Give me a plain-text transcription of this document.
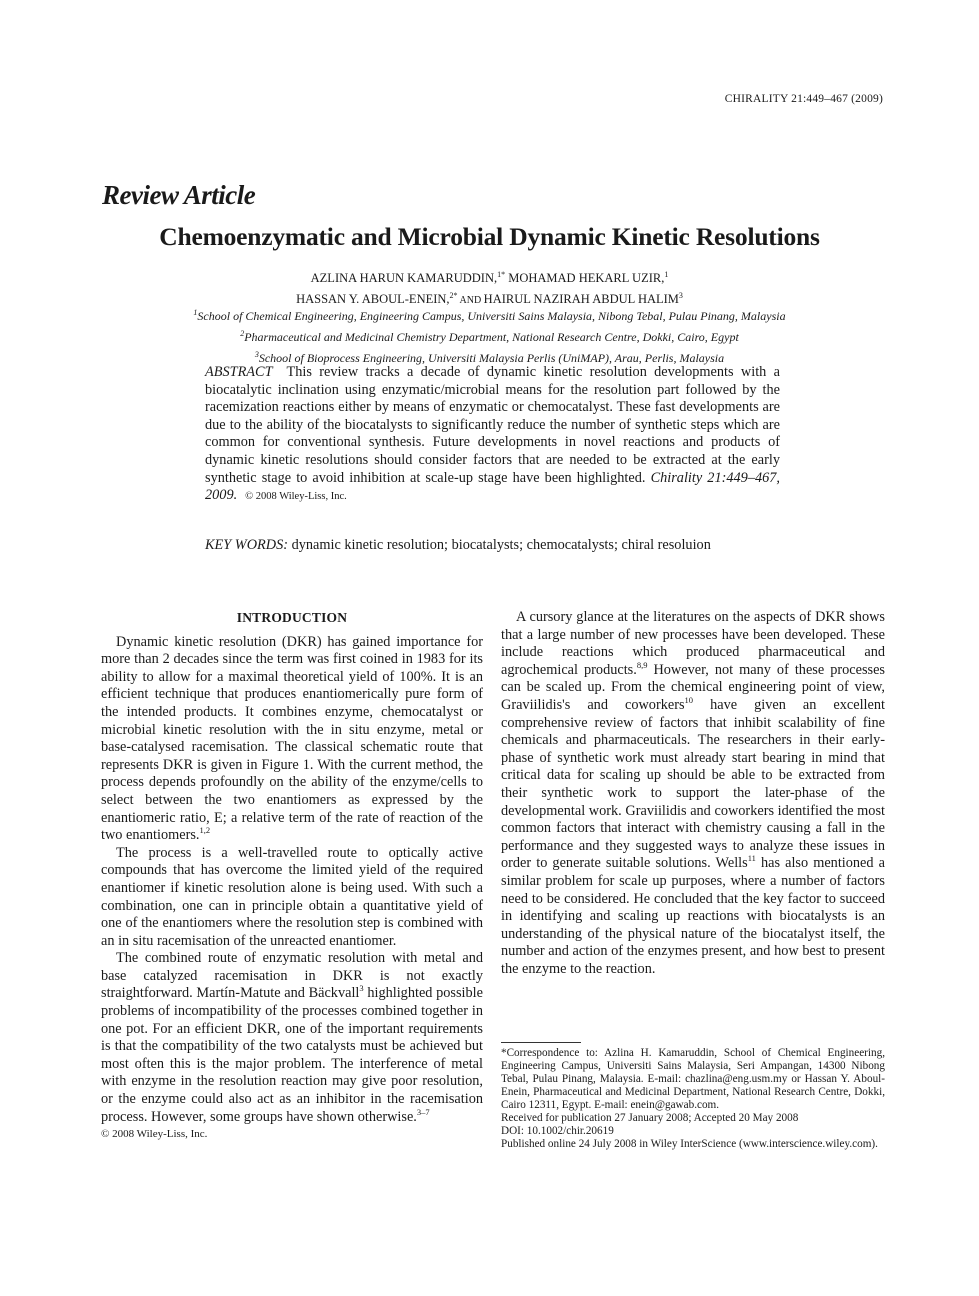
CHIRALITY 21:449–467 (2009)
Review Article
Chemoenzymatic and Microbial Dynamic Kinetic Resolutions
AZLINA HARUN KAMARUDDIN,$^{1*}$ MOHAMAD HEKARL UZIR,$^1$
HASSAN Y. ABOUL-ENEIN,$^{2*}$ AND HAIRUL NAZIRAH ABDUL HALIM$^3$
$^1$School of Chemical Engineering, Engineering Campus, Universiti Sains Malaysia, Nibong Tebal, Pulau Pinang, Malaysia
$^2$Pharmaceutical and Medicinal Chemistry Department, National Research Centre, Dokki, Cairo, Egypt
$^3$School of Bioprocess Engineering, Universiti Malaysia Perlis (UniMAP), Arau, Perlis, Malaysia
ABSTRACT This review tracks a decade of dynamic kinetic resolution developments with a biocatalytic inclination using enzymatic/microbial means for the resolution part followed by the racemization reactions either by means of enzymatic or chemocatalyst. These fast developments are due to the ability of the biocatalysts to significantly reduce the number of synthetic steps which are common for conventional synthesis. Future developments in novel reactions and products of dynamic kinetic resolutions should consider factors that are needed to be extracted at the early synthetic stage to avoid inhibition at scale-up stage have been highlighted. Chirality 21:449–467, 2009. © 2008 Wiley-Liss, Inc.
KEY WORDS: dynamic kinetic resolution; biocatalysts; chemocatalysts; chiral resoluion
INTRODUCTION

Dynamic kinetic resolution (DKR) has gained importance for more than 2 decades since the term was first coined in 1983 for its ability to allow for a maximal theoretical yield of 100%. It is an efficient technique that produces enantiomerically pure form of the intended products. It combines enzyme, chemocatalyst or microbial kinetic resolution with the in situ enzyme, metal or base-catalysed racemisation. The classical schematic route that represents DKR is given in Figure 1. With the current method, the process depends profoundly on the ability of the enzyme/cells to select between the two enantiomers as expressed by the enantiomeric ratio, E; a relative term of the rate of reaction of the two enantiomers.$^{1,2}$

The process is a well-travelled route to optically active compounds that has overcome the limited yield of the required enantiomer if kinetic resolution alone is being used. With such a combination, one can in principle obtain a quantitative yield of one of the enantiomers where the resolution step is combined with an in situ racemisation of the unreacted enantiomer.

The combined route of enzymatic resolution with metal and base catalyzed racemisation in DKR is not exactly straightforward. Martín-Matute and Bäckvall$^3$ highlighted possible problems of incompatibility of the processes combined together in one pot. For an efficient DKR, one of the important requirements is that the compatibility of the two catalysts must be achieved but most often this is the major problem. The interference of metal with enzyme in the resolution reaction may give poor resolution, or the enzyme could also act as an inhibitor in the racemisation process. However, some groups have shown otherwise.$^{3-7}$

© 2008 Wiley-Liss, Inc.

A cursory glance at the literatures on the aspects of DKR shows that a large number of new processes have been developed. These include reactions which produced pharmaceutical and agrochemical products.$^{8,9}$ However, not many of these processes can be scaled up. From the chemical engineering point of view, Graviilidis's and coworkers$^{10}$ have given an excellent comprehensive review of factors that inhibit scalability of fine chemicals and pharmaceuticals. The researchers in their early-phase of synthetic work must already start bearing in mind that critical data for scaling up should be able to be extracted from their synthetic work to support the later-phase of the developmental work. Graviilidis and coworkers identified the most common factors that interact with chemistry causing a fall in the performance and they suggested ways to analyze these issues in order to generate suitable solutions. Wells$^{11}$ has also mentioned a similar problem for scale up purposes, where a number of factors need to be considered. He concluded that the key factor to succeed in identifying and scaling up reactions with biocatalysts is an understanding of the physical nature of the biocatalyst itself, the number and action of the enzymes present, and how best to present the enzyme to the reaction.

*Correspondence to: Azlina H. Kamaruddin, School of Chemical Engineering, Engineering Campus, Universiti Sains Malaysia, Seri Ampangan, 14300 Nibong Tebal, Pulau Pinang, Malaysia. E-mail: chazlina@eng.usm.my or Hassan Y. Aboul-Enein, Pharmaceutical and Medicinal Department, National Research Centre, Dokki, Cairo 12311, Egypt. E-mail: enein@gawab.com.
Received for publication 27 January 2008; Accepted 20 May 2008
DOI: 10.1002/chir.20619
Published online 24 July 2008 in Wiley InterScience (www.interscience.wiley.com).
